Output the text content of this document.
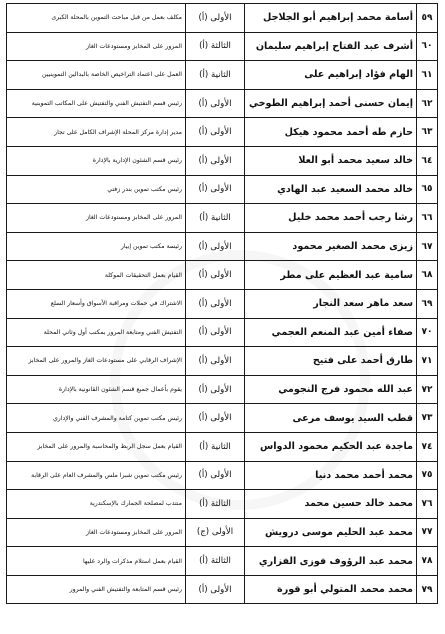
٥٩	أسامة محمد إبراهيم أبو الجلاجل	الأولى (أ)	مكلف بعمل من قبل مباحث التموين بالمحلة الكبرى
٦٠	أشرف عبد الفتاح إبراهيم سليمان	الثالثة (أ)	المرور على المخابز ومستودعات الغاز
٦١	الهام فؤاد إبراهيم على	الثانية (أ)	العمل على اعتماد التراخيص الخاصة بالبدالين التموينيين
٦٢	إيمان حسنى أحمد إبراهيم الطوخي	الأولى (أ)	رئيس قسم التفتيش الفني والتفتيش على المكاتب التموينية
٦٣	حازم طه أحمد محمود هيكل	الأولى (أ)	مدير إدارة مركز المحلة الإشراف الكامل على تجار
٦٤	خالد سعيد محمد أبو العلا	الأولى (أ)	رئيس قسم الشئون الإدارية بالإدارة
٦٥	خالد محمد السعيد عبد الهادي	الأولى (أ)	رئيس مكتب تموين بندر زفتي
٦٦	رشا رجب أحمد محمد خليل	الثانية (أ)	المرور على المخابز ومستودعات الغاز
٦٧	زيزى محمد الصغير محمود	الأولى (أ)	رئيسة مكتب تموين إبيار
٦٨	سامية عبد العظيم على مطر	الأولى (أ)	القيام بعمل التحقيقات الموكلة
٦٩	سعد ماهر سعد النجار	الأولى (أ)	الاشتراك في حملات ومراقبة الأسواق وأسعار السلع
٧٠	صفاء أمين عبد المنعم العجمي	الأولى (أ)	التفتيش الفني ومتابعة المرور بمكتب أول وثاني المحلة
٧١	طارق أحمد على فتيح	الأولى (أ)	الإشراف الرقابي على مستودعات الغاز والمرور على المخابز
٧٢	عبد الله محمود فرج النجومي	الأولى (أ)	يقوم بأعمال جميع قسم الشئون القانونية بالإدارة
٧٣	قطب السيد يوسف مرعى	الأولى (أ)	رئيس مكتب تموين كتامة والمشرف الفني والإداري
٧٤	ماجدة عبد الحكيم محمود الدواس	الثانية (أ)	القيام بعمل سجل الربط والمحاسبة والمرور على المخابز
٧٥	محمد أحمد محمد دنيا	الأولى (أ)	رئيس مكتب تموين شبرا ملس والمشرف العام على الرقابة
٧٦	محمد خالد حسين محمد	الثالثة (أ)	منتدب لمصلحة الجمارك بالإسكندرية
٧٧	محمد عبد الحليم موسى درويش	الأولى (ج)	المرور على المخابز ومستودعات الغاز
٧٨	محمد عبد الرؤوف فوزى الفزاري	الثالثة (أ)	القيام بعمل استلام مذكرات والرد عليها
٧٩	محمد محمد المتولي أبو قورة	الأولى (أ)	رئيس قسم المتابعة والتفتيش الفني والمرور
